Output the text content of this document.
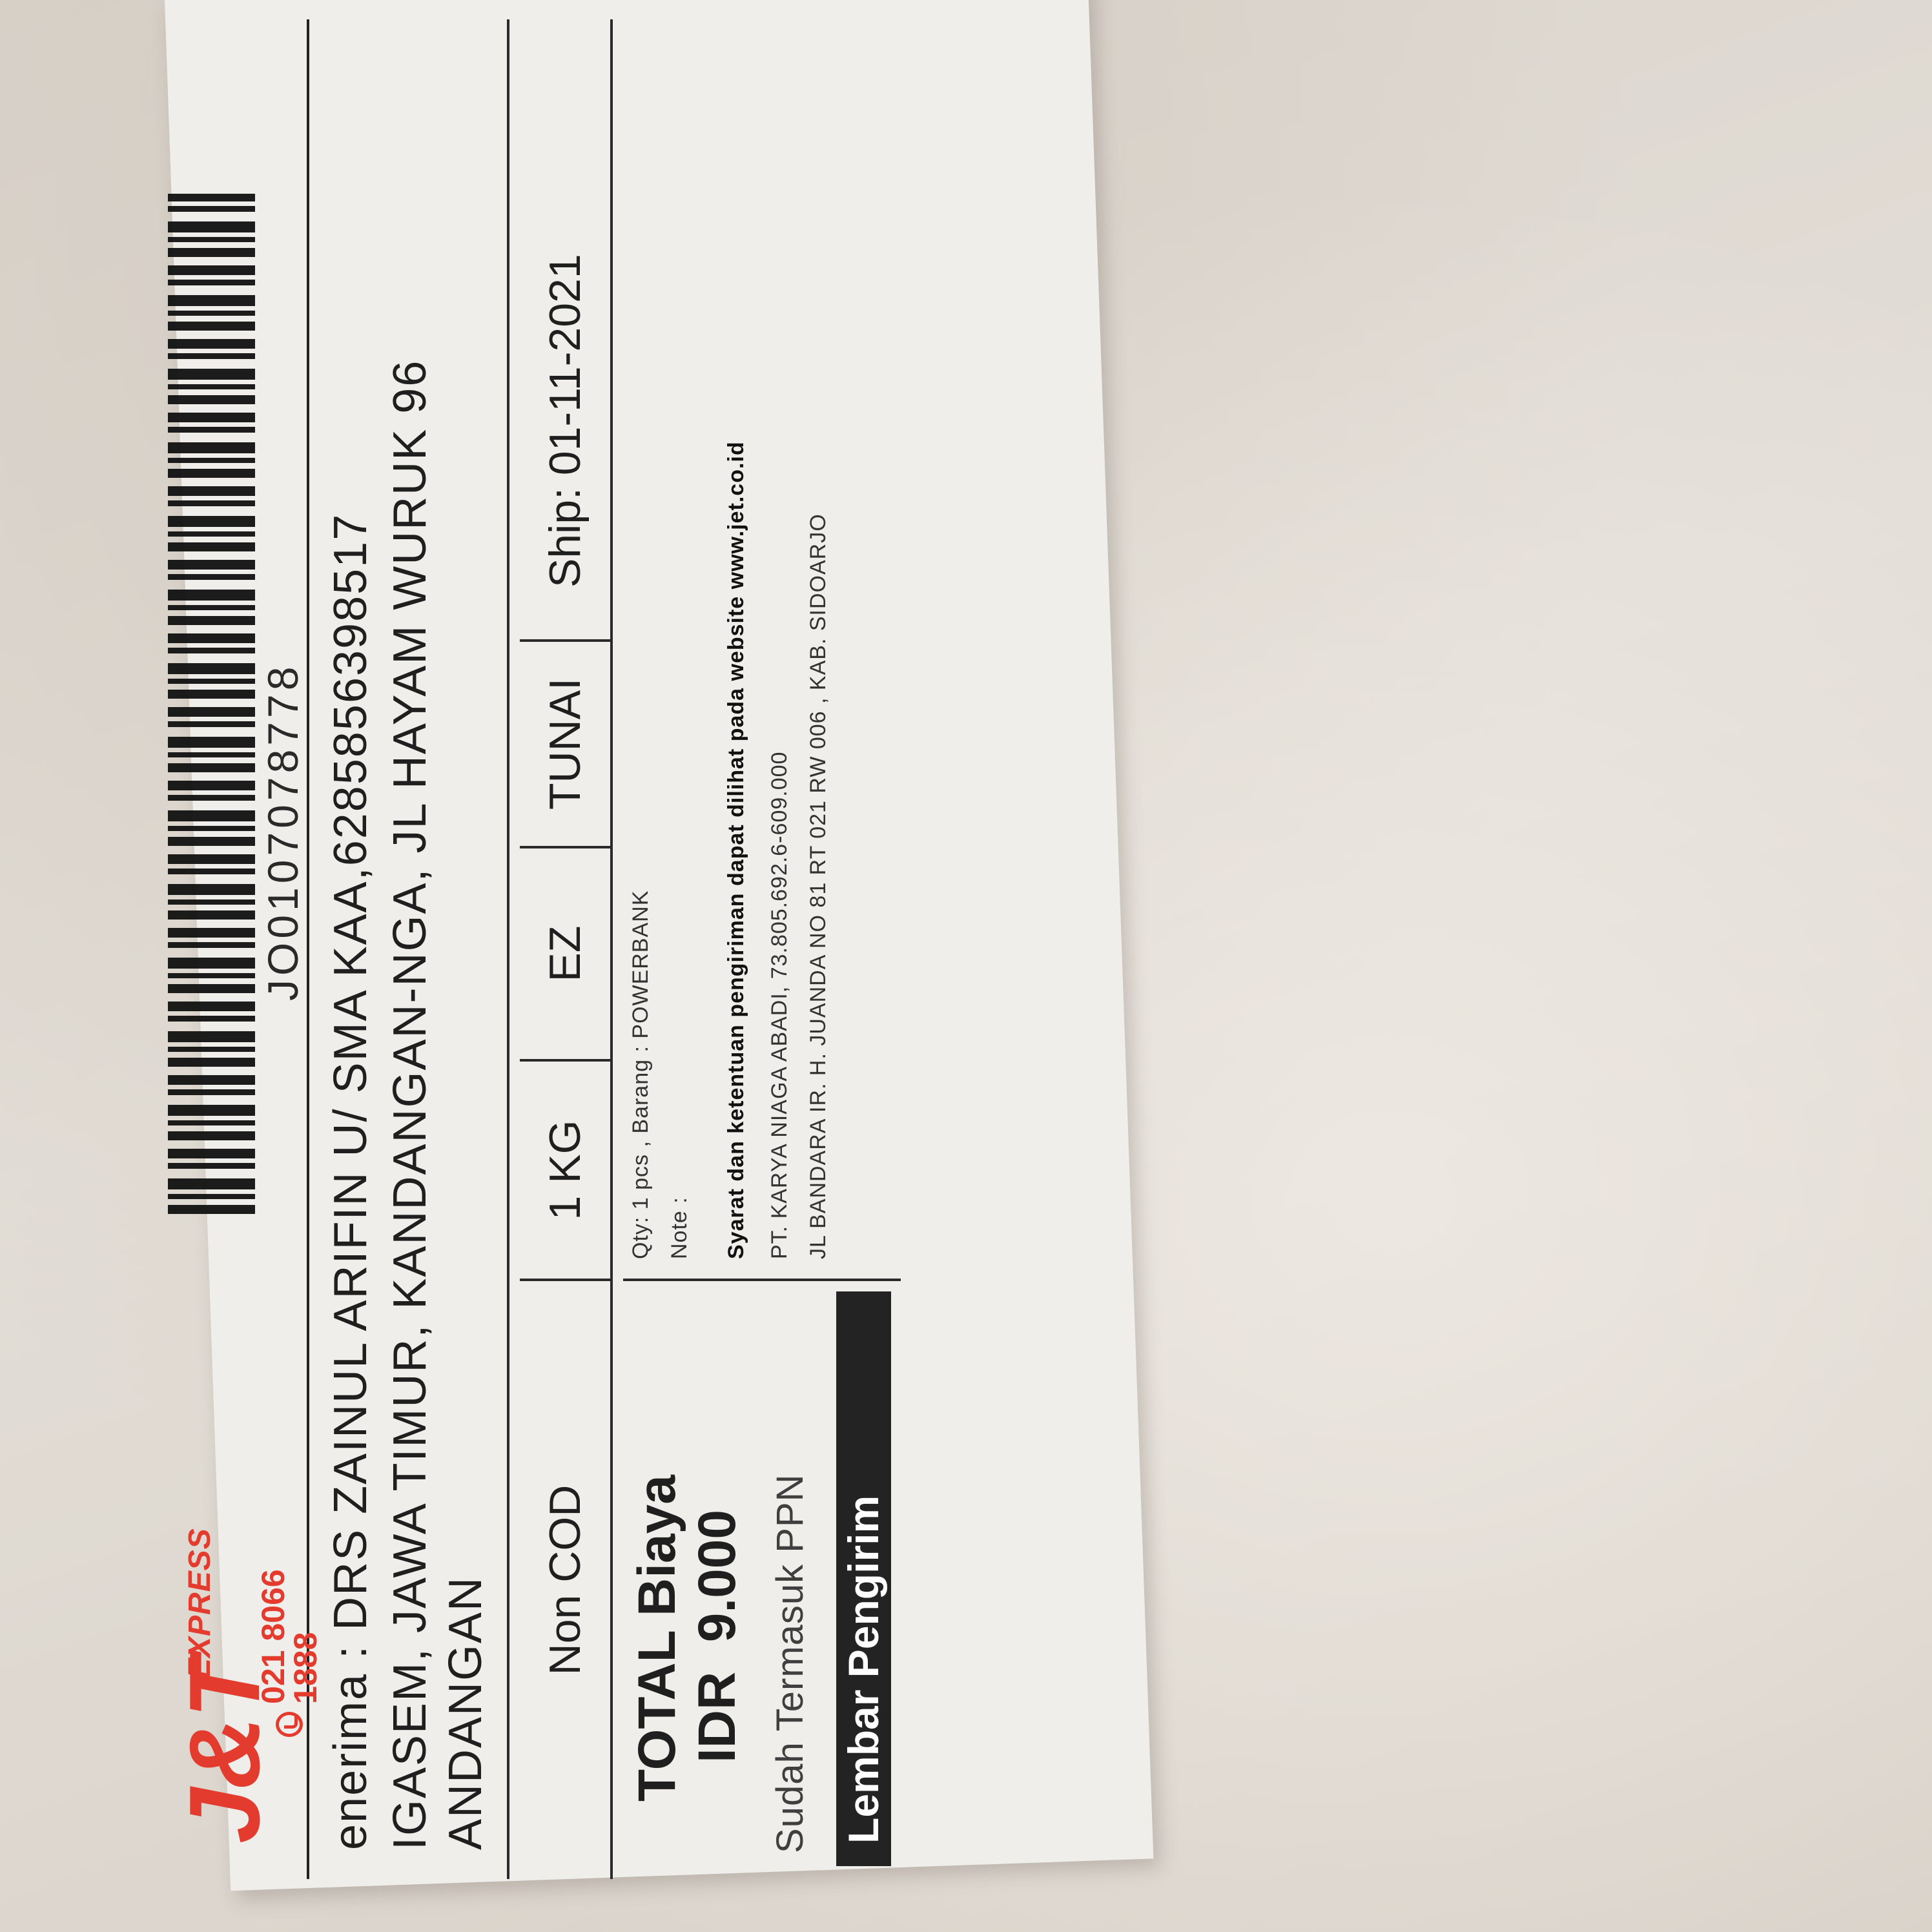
J&T
EXPRESS 021 8066 1888
JO0107078778 enerima : DRS ZAINUL ARIFIN U/ SMA KAA,6285856398517 IGASEM, JAWA TIMUR, KANDANGAN-NGA, JL HAYAM WURUK 96 ANDANGAN	Non COD
1 KG
EZ
TUNAI
Ship: 01-11-2021
TOTAL Biaya IDR  9.000 Sudah Termasuk PPN Lembar Pengirim
Qty: 1 pcs , Barang : POWERBANK Note : Syarat dan ketentuan pengiriman dapat dilihat pada website www.jet.co.id PT. KARYA NIAGA ABADI, 73.805.692.6-609.000 JL BANDARA IR. H. JUANDA NO 81 RT 021 RW 006 , KAB. SIDOARJO
